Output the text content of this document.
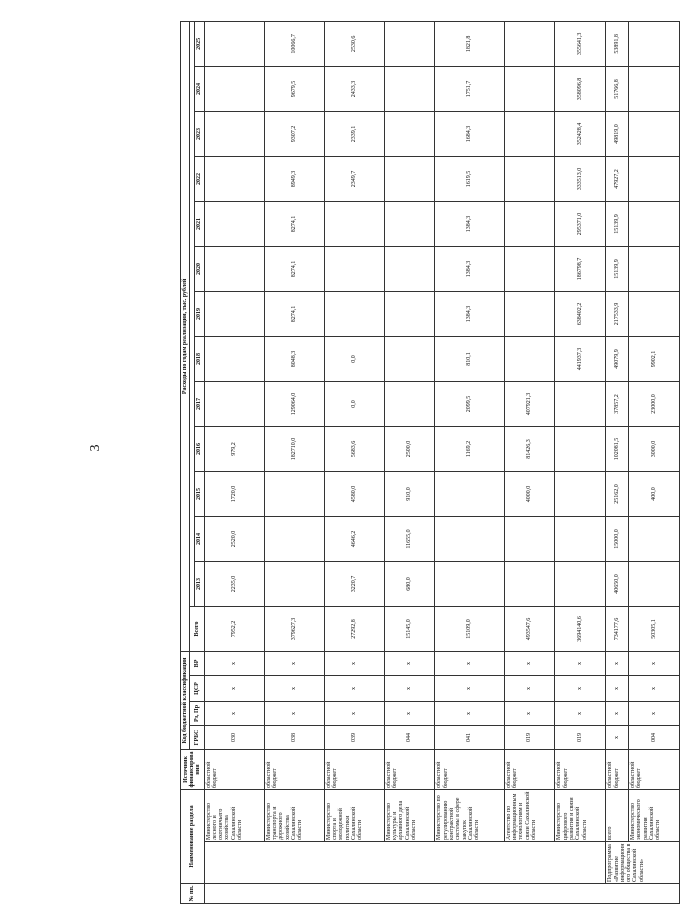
3
№ пп.	Наименование раздела		Источник финансирования	Код бюджетной классификации				Расходы по годам реализации, тыс. рублей													
				ГРБС	Рз, Пр	ЦСР	ВР	Всего													
									2013	2014	2015	2016	2017	2018	2019	2020	2021	2022	2023	2024	2025
		Министерство лесного и охотничьего хозяйства Сахалинской области	областной бюджет	030	х	х	х	7952,2	2235,0	2520,0	1720,0	979,2									
		Министерство транспорта и дорожного хозяйства Сахалинской области	областной бюджет	038	х	х	х	379627,3				182710,0	129064,0	8048,3	8274,1	8274,1	8274,1	8949,3	9307,2	9679,5	10066,7
		Министерство спорта и молодежной политики Сахалинской области	областной бюджет	039	х	х	х	27292,8	3220,7	4646,2	4580,0	5683,6	0,0	0,0				2349,7	2339,1	2433,3	2530,6
		Министерство культуры и архивного дела Сахалинской области	областной бюджет	044	х	х	х	15145,0	680,0	11655,0	910,0	2500,0									
		Министерство по регулированию контрактной системы в сфере закупок Сахалинской области	областной бюджет	041	х	х	х	15109,0				1169,2	2099,5	810,1	1384,3	1384,3	1384,3	1619,5	1684,3	1751,7	1821,8
		Агентство по информационным технологиям и связи Сахалинской области	областной бюджет	019	х	х	х	493547,6			4000,0	81426,3	407921,3								
		Министерство цифрового развития и связи Сахалинской области	областной бюджет	019	х	х	х	3694140,6						441937,3	638402,2	186798,7	295371,0	333513,0	352428,4	358096,8	355641,3
	Подпрограмма «Развитие информационного общества в Сахалинской области»	всего	областной бюджет	х	х	х	х	734177,6	40650,0	15000,0	25162,0	102081,5	37857,2	49079,9	217533,9	15139,9	15139,9	47927,2	49819,0	51766,8	53891,8
		Министерство экономического развития Сахалинской области	областной бюджет	004	х	х	х	50305,1			400,0	3000,0	23000,0	9902,1							
